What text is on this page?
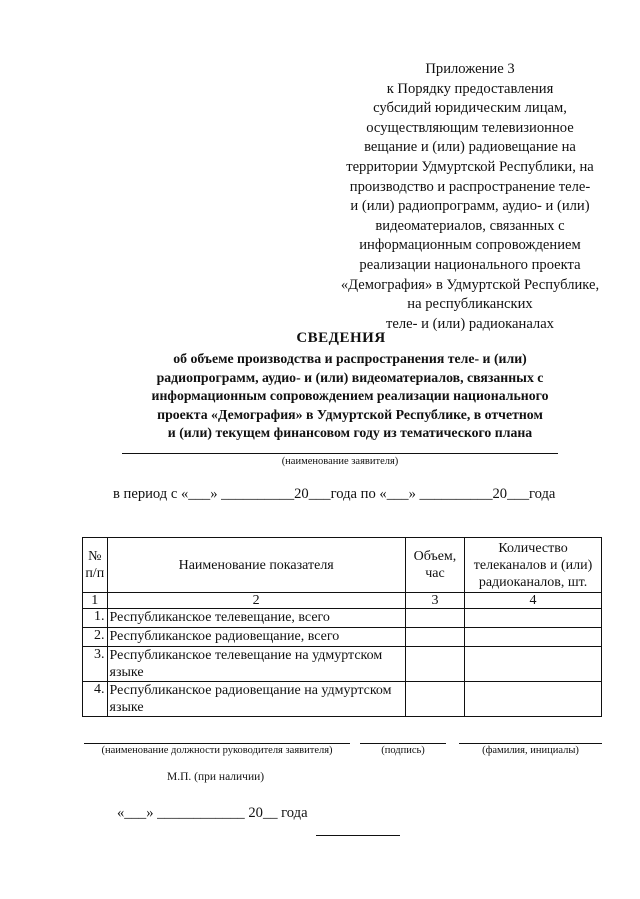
Приложение 3
к Порядку предоставления
субсидий юридическим лицам,
осуществляющим телевизионное
вещание и (или) радиовещание на
территории Удмуртской Республики, на
производство и распространение теле-
и (или) радиопрограмм, аудио- и (или)
видеоматериалов, связанных с
информационным сопровождением
реализации национального проекта
«Демография» в Удмуртской Республике,
на республиканских
теле- и (или) радиоканалах
СВЕДЕНИЯ
об объеме производства и распространения теле- и (или)
радиопрограмм, аудио- и (или) видеоматериалов, связанных с
информационным сопровождением реализации национального
проекта «Демография» в Удмуртской Республике, в отчетном
и (или) текущем финансовом году из тематического плана
(наименование заявителя)
в период с «___» __________20___года по «___» __________20___года
№ п/п	Наименование показателя	Объем, час	Количество телеканалов и (или) радиоканалов, шт.
1	2	3	4
1.	Республиканское телевещание, всего		
2.	Республиканское радиовещание, всего		
3.	Республиканское телевещание на удмуртском языке		
4.	Республиканское радиовещание на удмуртском языке		
(наименование должности руководителя заявителя)	(подпись)	(фамилия, инициалы)
М.П. (при наличии)
«___» ____________ 20__ года
